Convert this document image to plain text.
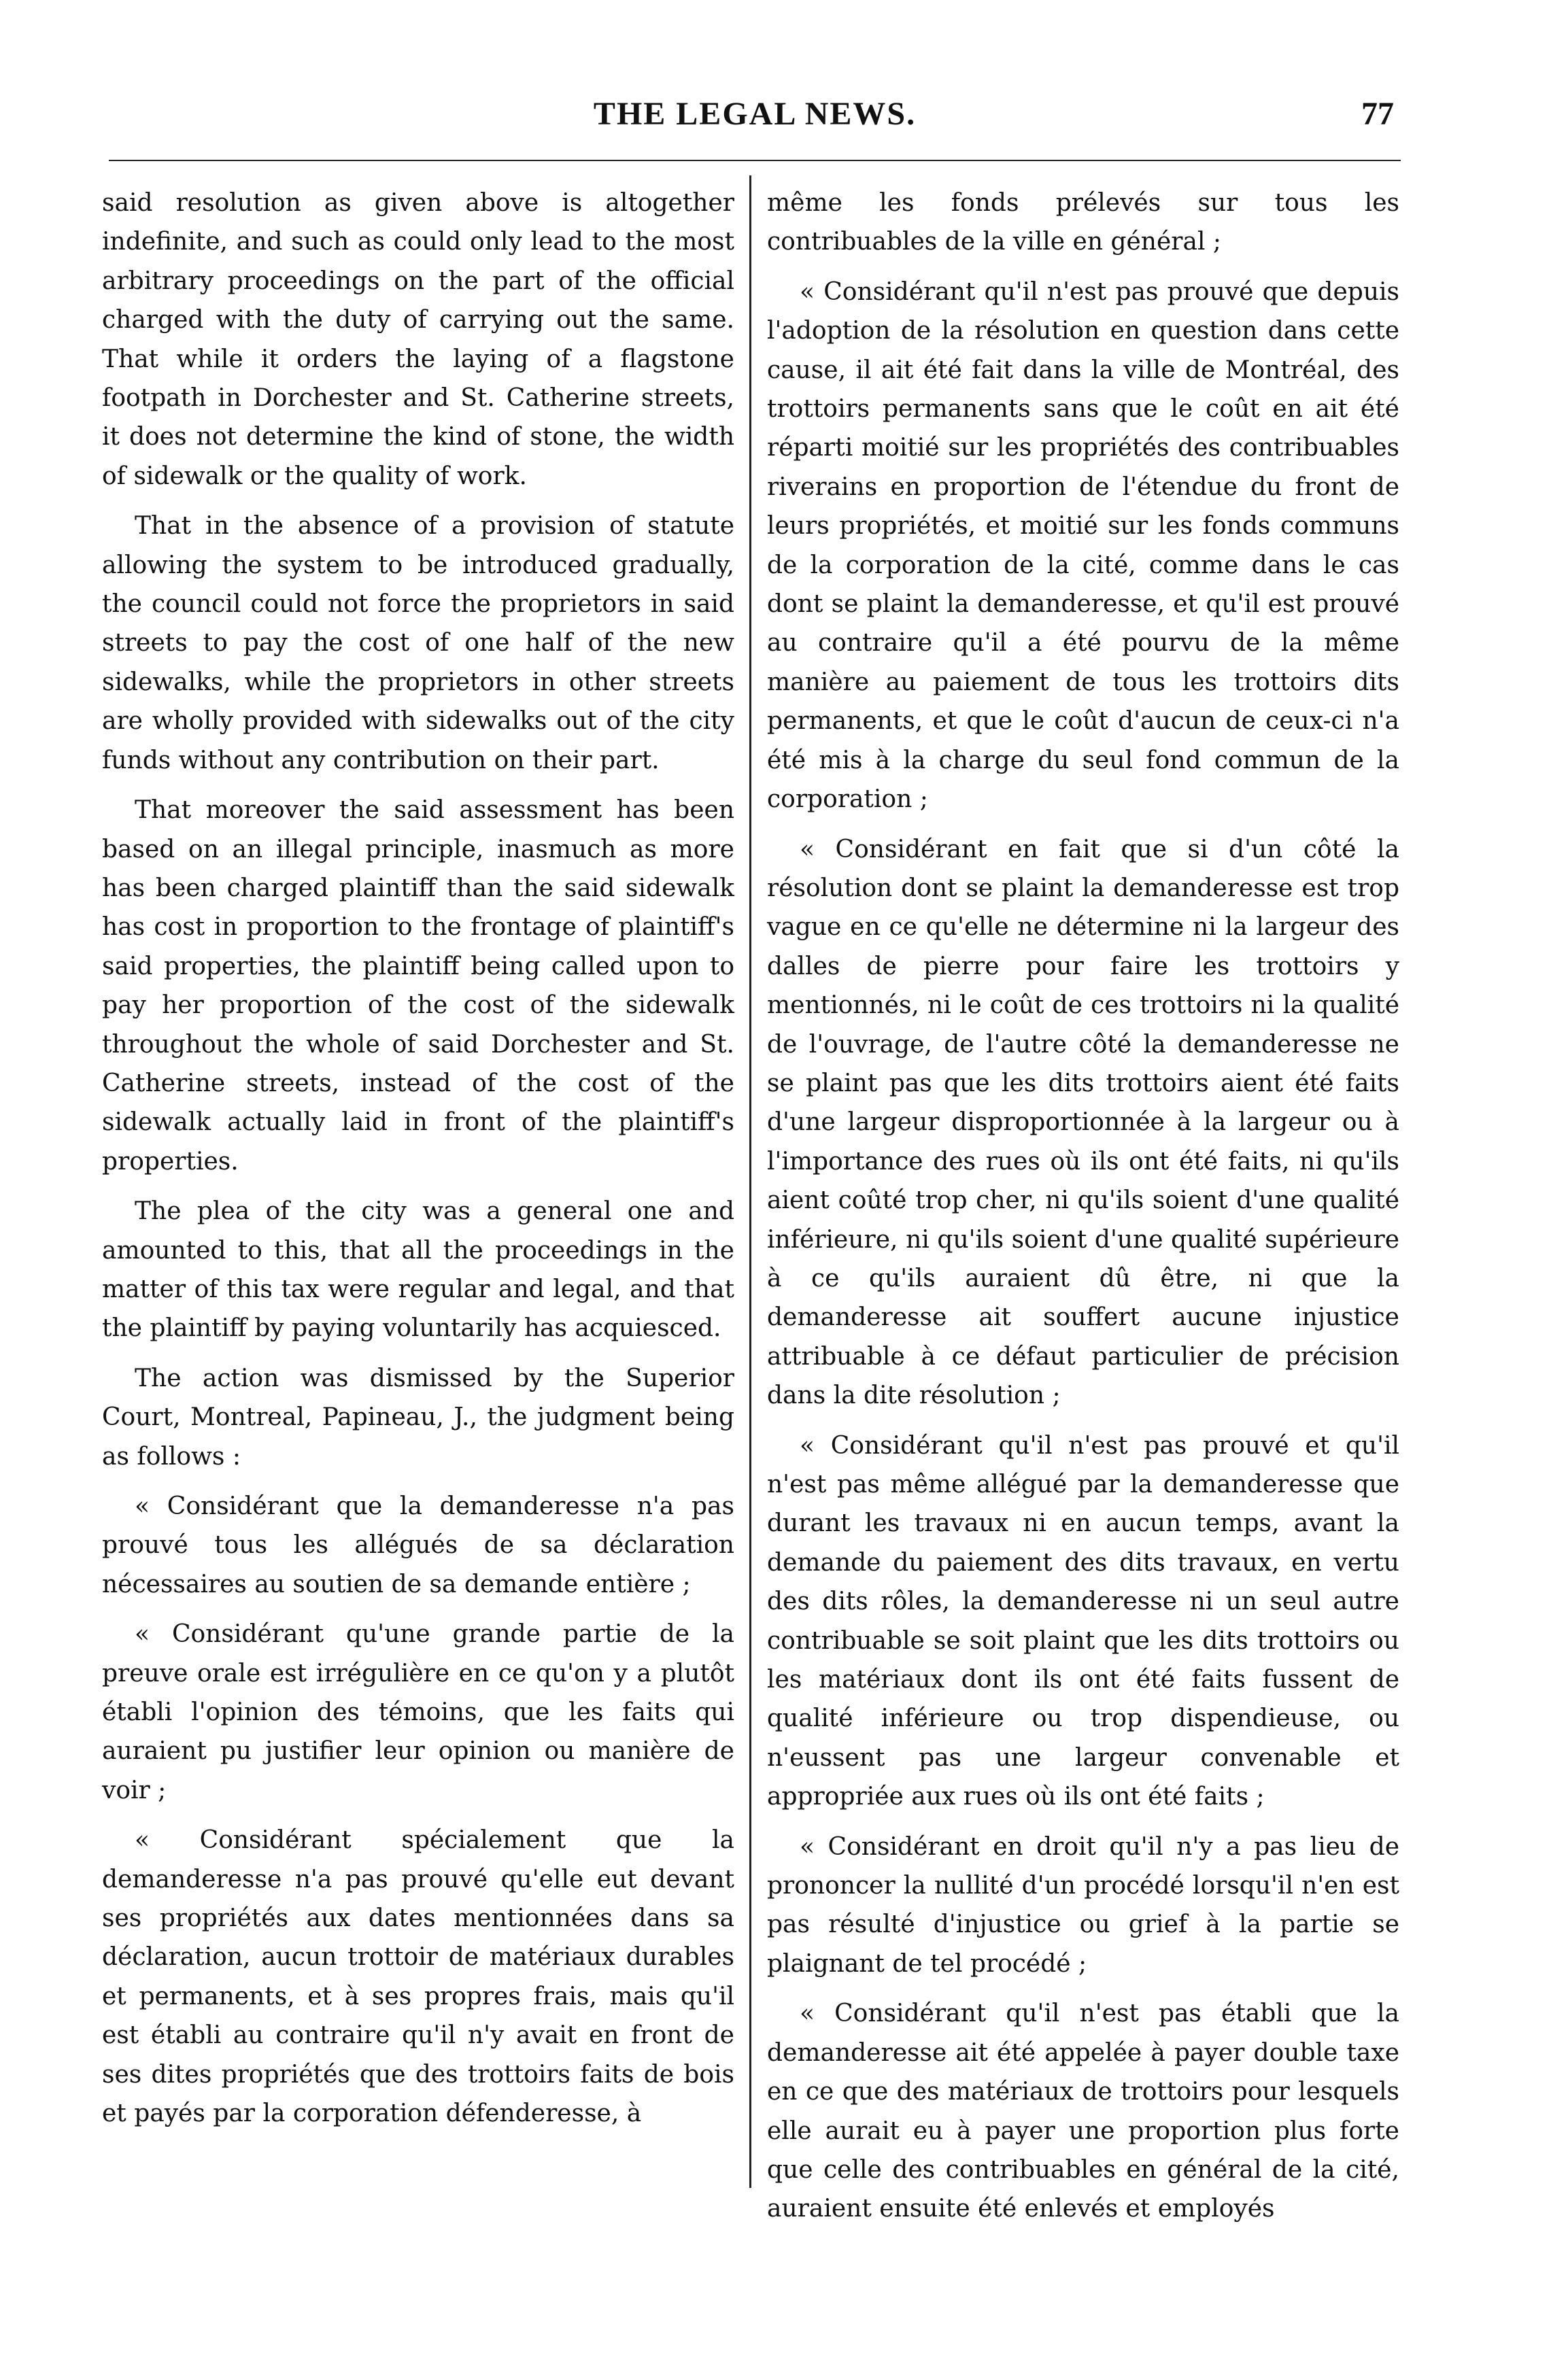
THE LEGAL NEWS.	77

said resolution as given above is altogether indefinite, and such as could only lead to the most arbitrary proceedings on the part of the official charged with the duty of carrying out the same. That while it orders the laying of a flagstone footpath in Dorchester and St. Catherine streets, it does not determine the kind of stone, the width of sidewalk or the quality of work.

That in the absence of a provision of statute allowing the system to be introduced gradually, the council could not force the proprietors in said streets to pay the cost of one half of the new sidewalks, while the proprietors in other streets are wholly provided with sidewalks out of the city funds without any contribution on their part.

That moreover the said assessment has been based on an illegal principle, inasmuch as more has been charged plaintiff than the said sidewalk has cost in proportion to the frontage of plaintiff's said properties, the plaintiff being called upon to pay her proportion of the cost of the sidewalk throughout the whole of said Dorchester and St. Catherine streets, instead of the cost of the sidewalk actually laid in front of the plaintiff's properties.

The plea of the city was a general one and amounted to this, that all the proceedings in the matter of this tax were regular and legal, and that the plaintiff by paying voluntarily has acquiesced.

The action was dismissed by the Superior Court, Montreal, Papineau, J., the judgment being as follows :

« Considérant que la demanderesse n'a pas prouvé tous les allégués de sa déclaration nécessaires au soutien de sa demande entière ;

« Considérant qu'une grande partie de la preuve orale est irrégulière en ce qu'on y a plutôt établi l'opinion des témoins, que les faits qui auraient pu justifier leur opinion ou manière de voir ;

« Considérant spécialement que la demanderesse n'a pas prouvé qu'elle eut devant ses propriétés aux dates mentionnées dans sa déclaration, aucun trottoir de matériaux durables et permanents, et à ses propres frais, mais qu'il est établi au contraire qu'il n'y avait en front de ses dites propriétés que des trottoirs faits de bois et payés par la corporation défenderesse, à

même les fonds prélevés sur tous les contribuables de la ville en général ;

« Considérant qu'il n'est pas prouvé que depuis l'adoption de la résolution en question dans cette cause, il ait été fait dans la ville de Montréal, des trottoirs permanents sans que le coût en ait été réparti moitié sur les propriétés des contribuables riverains en proportion de l'étendue du front de leurs propriétés, et moitié sur les fonds communs de la corporation de la cité, comme dans le cas dont se plaint la demanderesse, et qu'il est prouvé au contraire qu'il a été pourvu de la même manière au paiement de tous les trottoirs dits permanents, et que le coût d'aucun de ceux-ci n'a été mis à la charge du seul fond commun de la corporation ;

« Considérant en fait que si d'un côté la résolution dont se plaint la demanderesse est trop vague en ce qu'elle ne détermine ni la largeur des dalles de pierre pour faire les trottoirs y mentionnés, ni le coût de ces trottoirs ni la qualité de l'ouvrage, de l'autre côté la demanderesse ne se plaint pas que les dits trottoirs aient été faits d'une largeur disproportionnée à la largeur ou à l'importance des rues où ils ont été faits, ni qu'ils aient coûté trop cher, ni qu'ils soient d'une qualité inférieure, ni qu'ils soient d'une qualité supérieure à ce qu'ils auraient dû être, ni que la demanderesse ait souffert aucune injustice attribuable à ce défaut particulier de précision dans la dite résolution ;

« Considérant qu'il n'est pas prouvé et qu'il n'est pas même allégué par la demanderesse que durant les travaux ni en aucun temps, avant la demande du paiement des dits travaux, en vertu des dits rôles, la demanderesse ni un seul autre contribuable se soit plaint que les dits trottoirs ou les matériaux dont ils ont été faits fussent de qualité inférieure ou trop dispendieuse, ou n'eussent pas une largeur convenable et appropriée aux rues où ils ont été faits ;

« Considérant en droit qu'il n'y a pas lieu de prononcer la nullité d'un procédé lorsqu'il n'en est pas résulté d'injustice ou grief à la partie se plaignant de tel procédé ;

« Considérant qu'il n'est pas établi que la demanderesse ait été appelée à payer double taxe en ce que des matériaux de trottoirs pour lesquels elle aurait eu à payer une proportion plus forte que celle des contribuables en général de la cité, auraient ensuite été enlevés et employés
